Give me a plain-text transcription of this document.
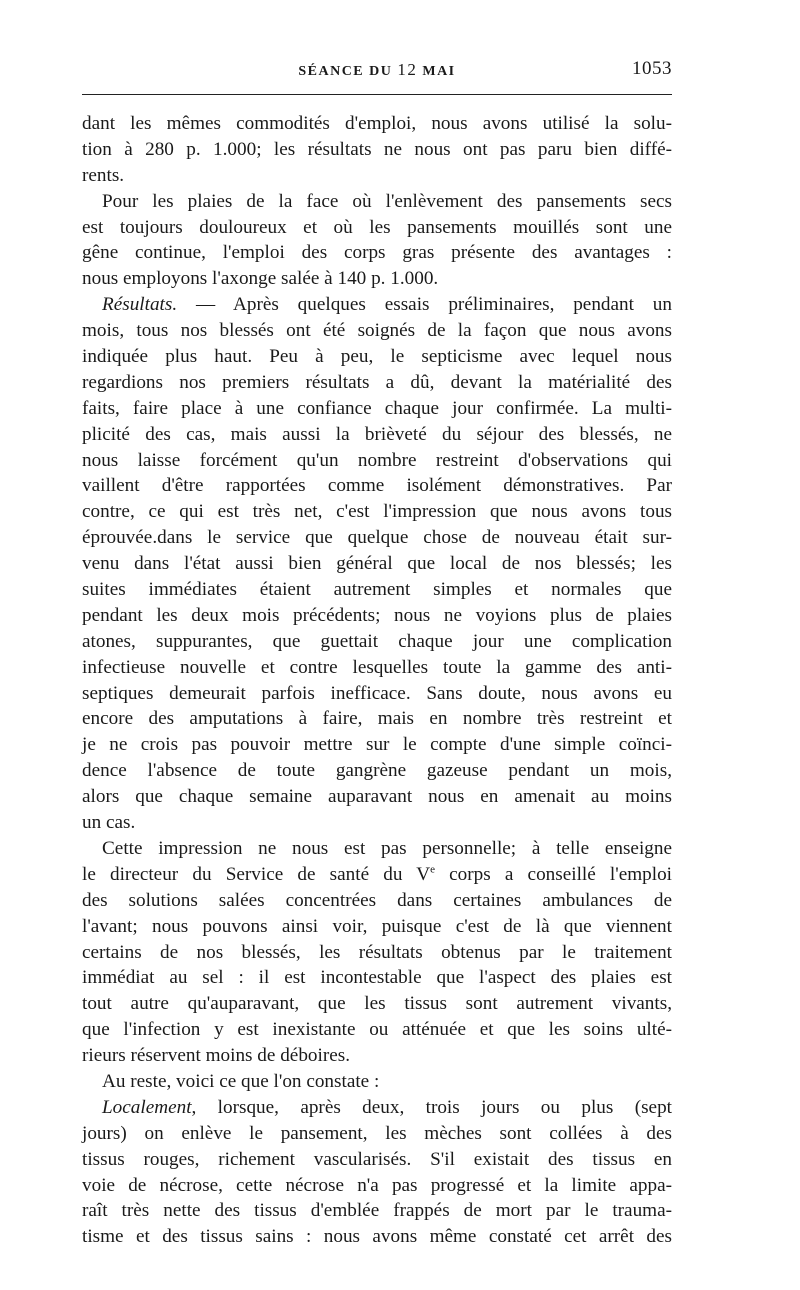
SÉANCE DU 12 MAI	1053
dant les mêmes commodités d'emploi, nous avons utilisé la solu-
tion à 280 p. 1.000; les résultats ne nous ont pas paru bien diffé-
rents.
Pour les plaies de la face où l'enlèvement des pansements secs
est toujours douloureux et où les pansements mouillés sont une
gêne continue, l'emploi des corps gras présente des avantages :
nous employons l'axonge salée à 140 p. 1.000.
Résultats. — Après quelques essais préliminaires, pendant un
mois, tous nos blessés ont été soignés de la façon que nous avons
indiquée plus haut. Peu à peu, le septicisme avec lequel nous
regardions nos premiers résultats a dû, devant la matérialité des
faits, faire place à une confiance chaque jour confirmée. La multi-
plicité des cas, mais aussi la brièveté du séjour des blessés, ne
nous laisse forcément qu'un nombre restreint d'observations qui
vaillent d'être rapportées comme isolément démonstratives. Par
contre, ce qui est très net, c'est l'impression que nous avons tous
éprouvée.dans le service que quelque chose de nouveau était sur-
venu dans l'état aussi bien général que local de nos blessés; les
suites immédiates étaient autrement simples et normales que
pendant les deux mois précédents; nous ne voyions plus de plaies
atones, suppurantes, que guettait chaque jour une complication
infectieuse nouvelle et contre lesquelles toute la gamme des anti-
septiques demeurait parfois inefficace. Sans doute, nous avons eu
encore des amputations à faire, mais en nombre très restreint et
je ne crois pas pouvoir mettre sur le compte d'une simple coïnci-
dence l'absence de toute gangrène gazeuse pendant un mois,
alors que chaque semaine auparavant nous en amenait au moins
un cas.
Cette impression ne nous est pas personnelle; à telle enseigne
le directeur du Service de santé du Ve corps a conseillé l'emploi
des solutions salées concentrées dans certaines ambulances de
l'avant; nous pouvons ainsi voir, puisque c'est de là que viennent
certains de nos blessés, les résultats obtenus par le traitement
immédiat au sel : il est incontestable que l'aspect des plaies est
tout autre qu'auparavant, que les tissus sont autrement vivants,
que l'infection y est inexistante ou atténuée et que les soins ulté-
rieurs réservent moins de déboires.
Au reste, voici ce que l'on constate :
Localement, lorsque, après deux, trois jours ou plus (sept
jours) on enlève le pansement, les mèches sont collées à des
tissus rouges, richement vascularisés. S'il existait des tissus en
voie de nécrose, cette nécrose n'a pas progressé et la limite appa-
raît très nette des tissus d'emblée frappés de mort par le trauma-
tisme et des tissus sains : nous avons même constaté cet arrêt des
